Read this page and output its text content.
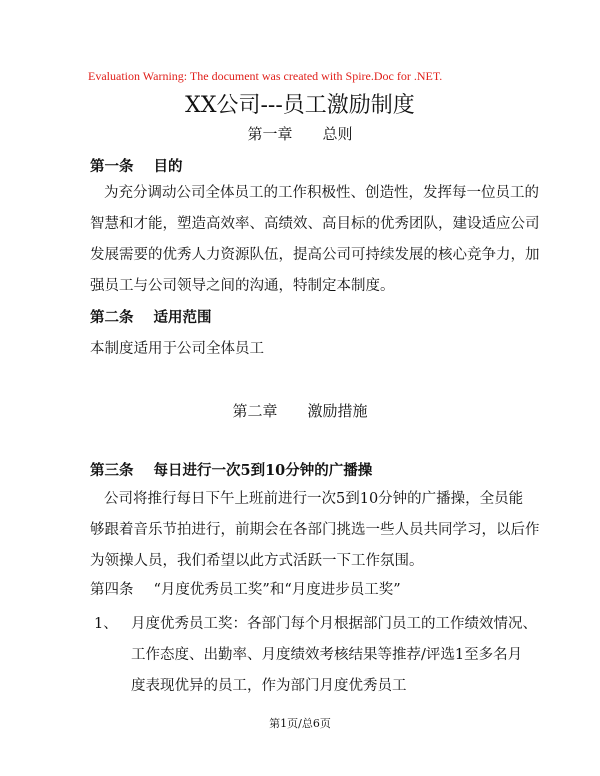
Evaluation Warning: The document was created with Spire.Doc for .NET.
XX公司---员工激励制度
第一章 总则
第一条 目的
为充分调动公司全体员工的工作积极性、创造性，发挥每一位员工的
智慧和才能，塑造高效率、高绩效、高目标的优秀团队，建设适应公司
发展需要的优秀人力资源队伍，提高公司可持续发展的核心竞争力，加
强员工与公司领导之间的沟通，特制定本制度。
第二条 适用范围
本制度适用于公司全体员工
第二章 激励措施
第三条 每日进行一次5到10分钟的广播操
公司将推行每日下午上班前进行一次5到10分钟的广播操，全员能
够跟着音乐节拍进行，前期会在各部门挑选一些人员共同学习，以后作
为领操人员，我们希望以此方式活跃一下工作氛围。
第四条 “月度优秀员工奖”和“月度进步员工奖”
1、 月度优秀员工奖：各部门每个月根据部门员工的工作绩效情况、
工作态度、出勤率、月度绩效考核结果等推荐/评选1至多名月
度表现优异的员工，作为部门月度优秀员工
第1页/总6页
